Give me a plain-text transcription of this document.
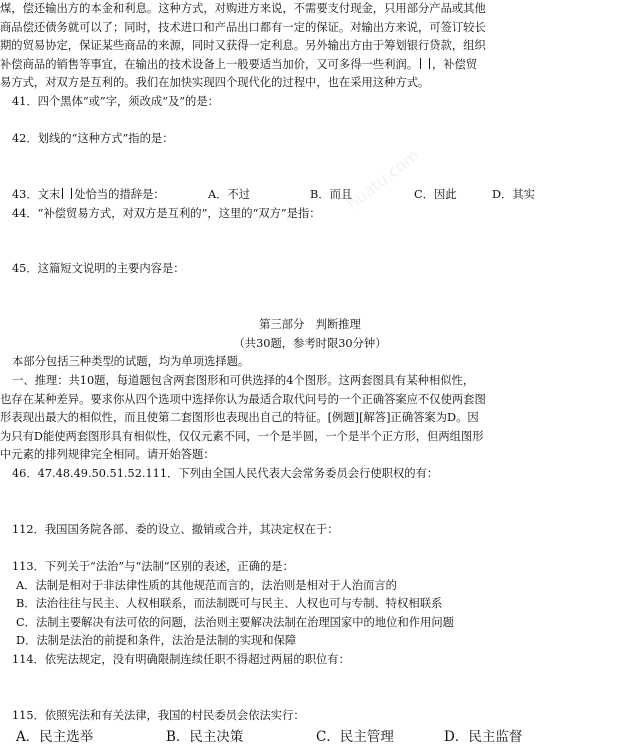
huatu.com
煤，偿还输出方的本金和利息。这种方式，对购进方来说，不需要支付现金，只用部分产品或其他
商品偿还债务就可以了；同时，技术进口和产品出口都有一定的保证。对输出方来说，可签订较长
期的贸易协定，保证某些商品的来源，同时又获得一定利息。另外输出方由于筹划银行贷款，组织
补偿商品的销售等事宜，在输出的技术设备上一般要适当加价，又可多得一些利润。 ，补偿贸
易方式，对双方是互利的。我们在加快实现四个现代化的过程中，也在采用这种方式。
41．四个黑体“或”字，须改成“及”的是：
42．划线的“这种方式”指的是：
43．文末 处恰当的措辞是：	A．不过	B．而且	C．因此	D．其实
44．“补偿贸易方式，对双方是互利的”，这里的“双方”是指：
45．这篇短文说明的主要内容是：
第三部分　判断推理
（共30题，参考时限30分钟）
本部分包括三种类型的试题，均为单项选择题。
一、推理：共10题，每道题包含两套图形和可供选择的4个图形。这两套图具有某种相似性，
也存在某种差异。要求你从四个选项中选择你认为最适合取代问号的一个正确答案应不仅使两套图
形表现出最大的相似性，而且使第二套图形也表现出自己的特征。[例题][解答]正确答案为D。因
为只有D能使两套图形具有相似性，仅仅元素不同，一个是半圆，一个是半个正方形，但两组图形
中元素的排列规律完全相同。请开始答题：
46．47.48.49.50.51.52.111．下列由全国人民代表大会常务委员会行使职权的有：
112．我国国务院各部、委的设立、撤销或合并，其决定权在于：
113．下列关于“法治”与“法制”区别的表述，正确的是：
A．法制是相对于非法律性质的其他规范而言的，法治则是相对于人治而言的
B．法治往往与民主、人权相联系，而法制既可与民主、人权也可与专制、特权相联系
C．法制主要解决有法可依的问题，法治则主要解决法制在治理国家中的地位和作用问题
D．法制是法治的前提和条件，法治是法制的实现和保障
114．依宪法规定，没有明确限制连续任职不得超过两届的职位有：
115．依照宪法和有关法律，我国的村民委员会依法实行：
A．民主选举	B．民主决策	C．民主管理	D．民主监督
